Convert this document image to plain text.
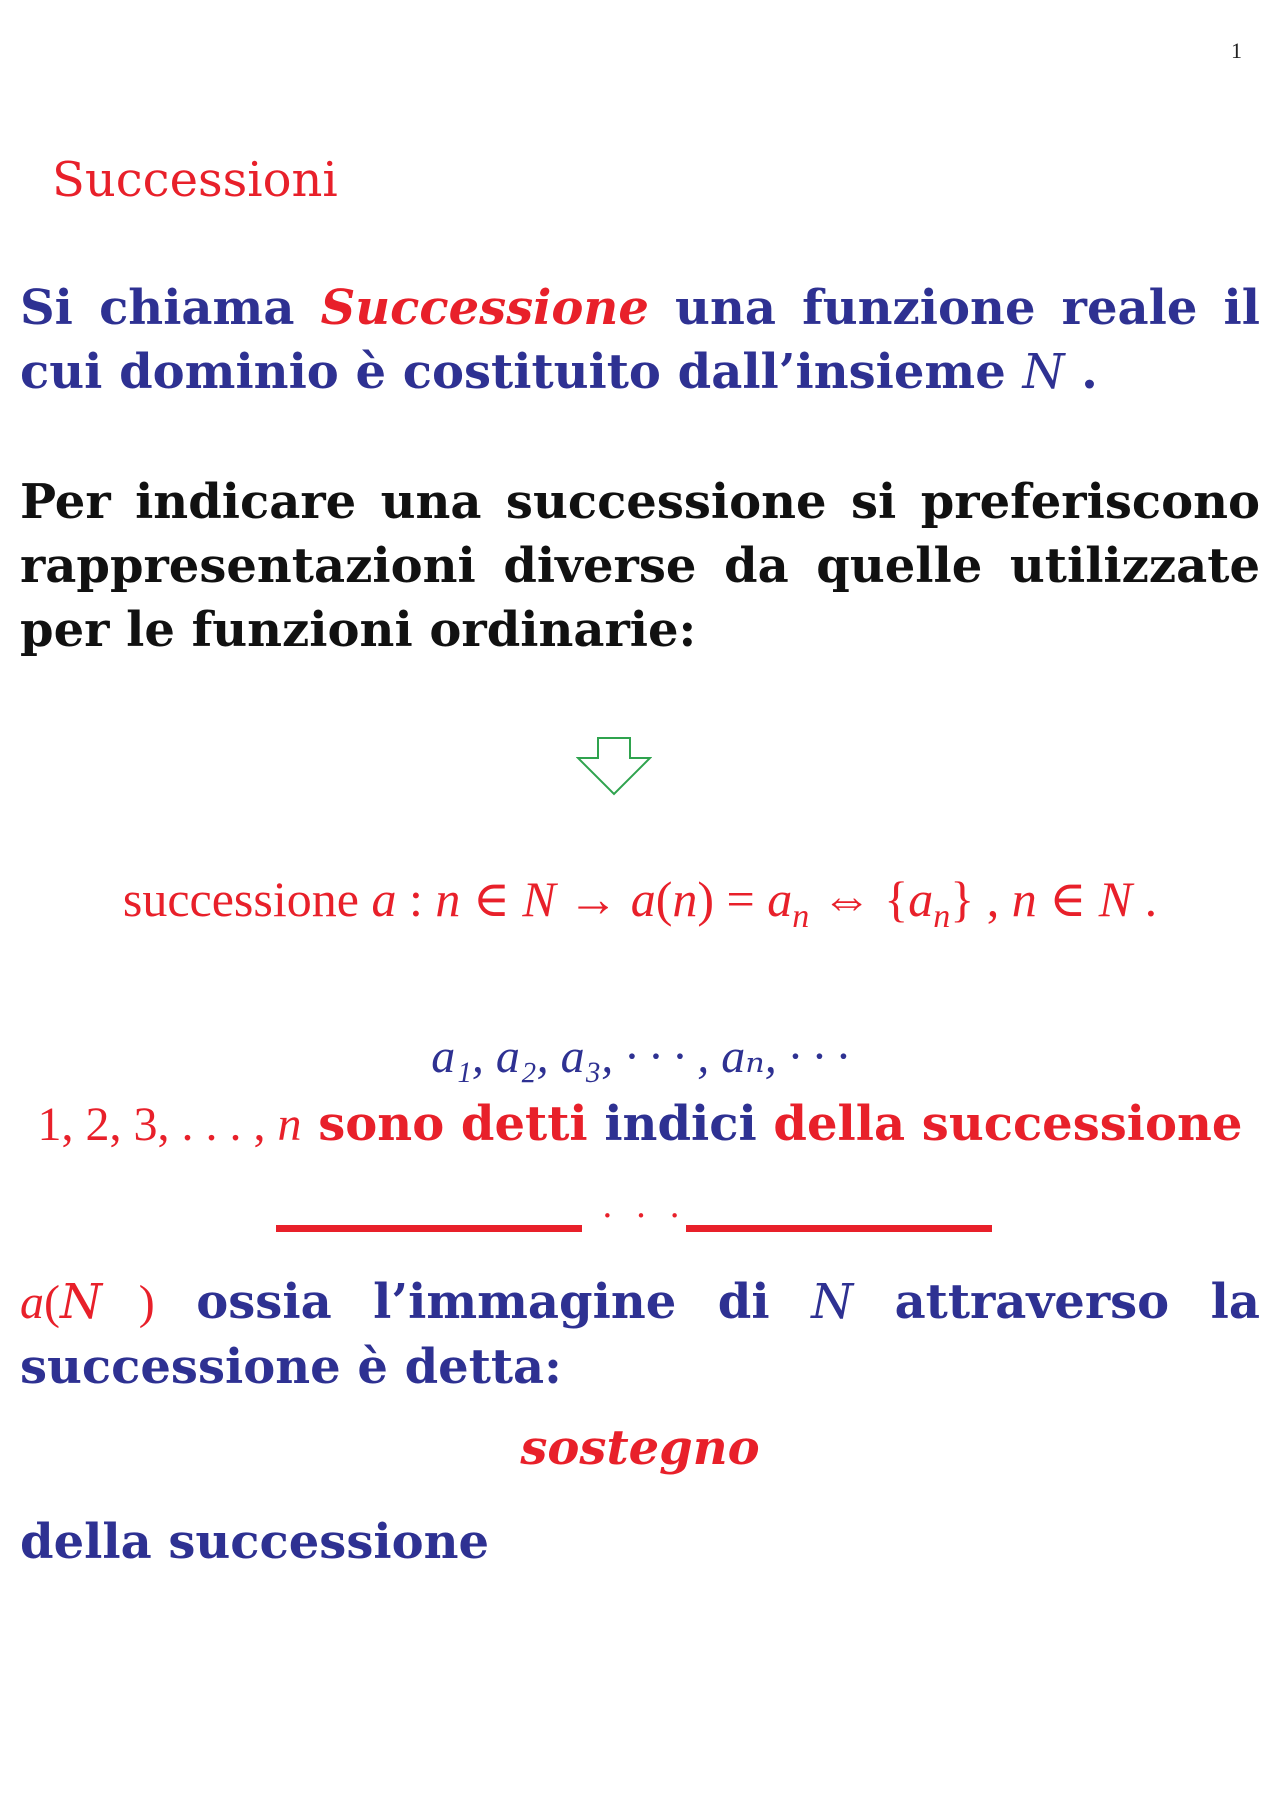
1
Successioni
Si chiama Successione una funzione reale il cui dominio è costituito dall’insieme N .
Per indicare una successione si preferiscono rappresentazioni diverse da quelle utilizzate per le funzioni ordinarie:
successione a : n ∈ $N \to a(n) = a_n$ ⇔ $\{a_n\}$ , n ∈ N .
a₁, a₂, a₃, · · · , aₙ, · · ·
1, 2, 3, . . . , n sono detti indici della successione
· · ·
a(N ) ossia l’immagine di N attraverso la successione è detta:
sostegno
della successione
